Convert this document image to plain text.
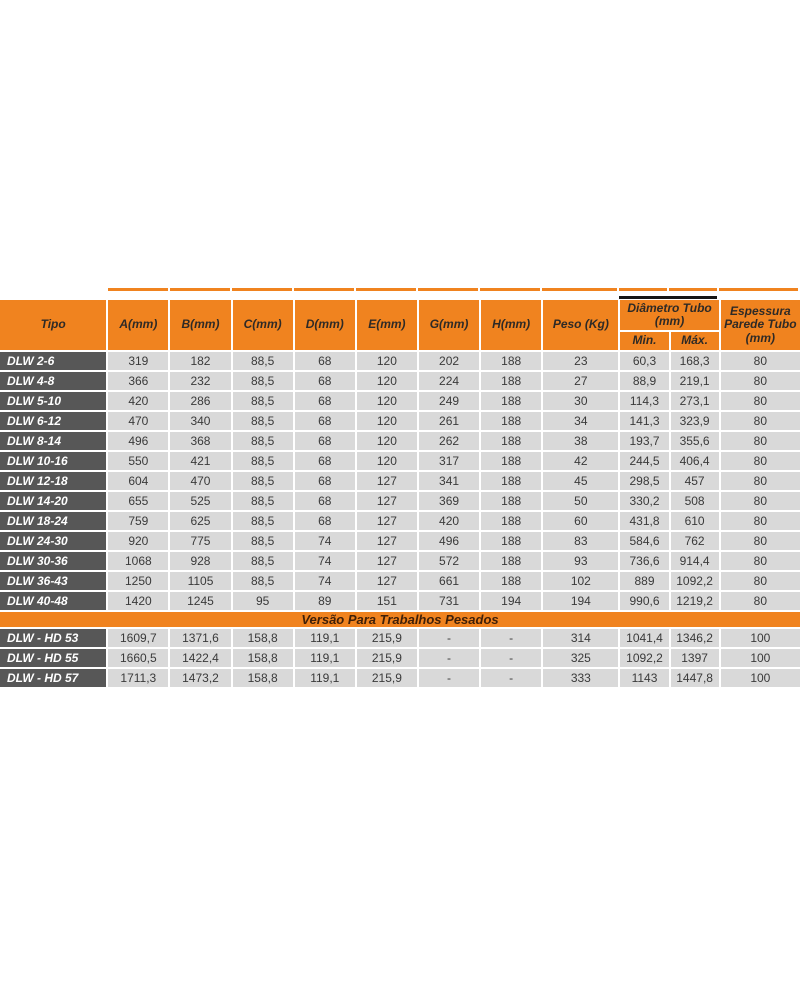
Tipo	A(mm)	B(mm)	C(mm)	D(mm)	E(mm)	G(mm)	H(mm)	Peso (Kg)	Diâmetro Tubo (mm)		Espessura Parede Tubo (mm)
									Min.	Máx.	
DLW 2-6	319	182	88,5	68	120	202	188	23	60,3	168,3	80
DLW 4-8	366	232	88,5	68	120	224	188	27	88,9	219,1	80
DLW 5-10	420	286	88,5	68	120	249	188	30	114,3	273,1	80
DLW 6-12	470	340	88,5	68	120	261	188	34	141,3	323,9	80
DLW 8-14	496	368	88,5	68	120	262	188	38	193,7	355,6	80
DLW 10-16	550	421	88,5	68	120	317	188	42	244,5	406,4	80
DLW 12-18	604	470	88,5	68	127	341	188	45	298,5	457	80
DLW 14-20	655	525	88,5	68	127	369	188	50	330,2	508	80
DLW 18-24	759	625	88,5	68	127	420	188	60	431,8	610	80
DLW 24-30	920	775	88,5	74	127	496	188	83	584,6	762	80
DLW 30-36	1068	928	88,5	74	127	572	188	93	736,6	914,4	80
DLW 36-43	1250	1105	88,5	74	127	661	188	102	889	1092,2	80
DLW 40-48	1420	1245	95	89	151	731	194	194	990,6	1219,2	80
Versão Para Trabalhos Pesados											
DLW - HD 53	1609,7	1371,6	158,8	119,1	215,9	-	-	314	1041,4	1346,2	100
DLW - HD 55	1660,5	1422,4	158,8	119,1	215,9	-	-	325	1092,2	1397	100
DLW - HD 57	1711,3	1473,2	158,8	119,1	215,9	-	-	333	1143	1447,8	100
